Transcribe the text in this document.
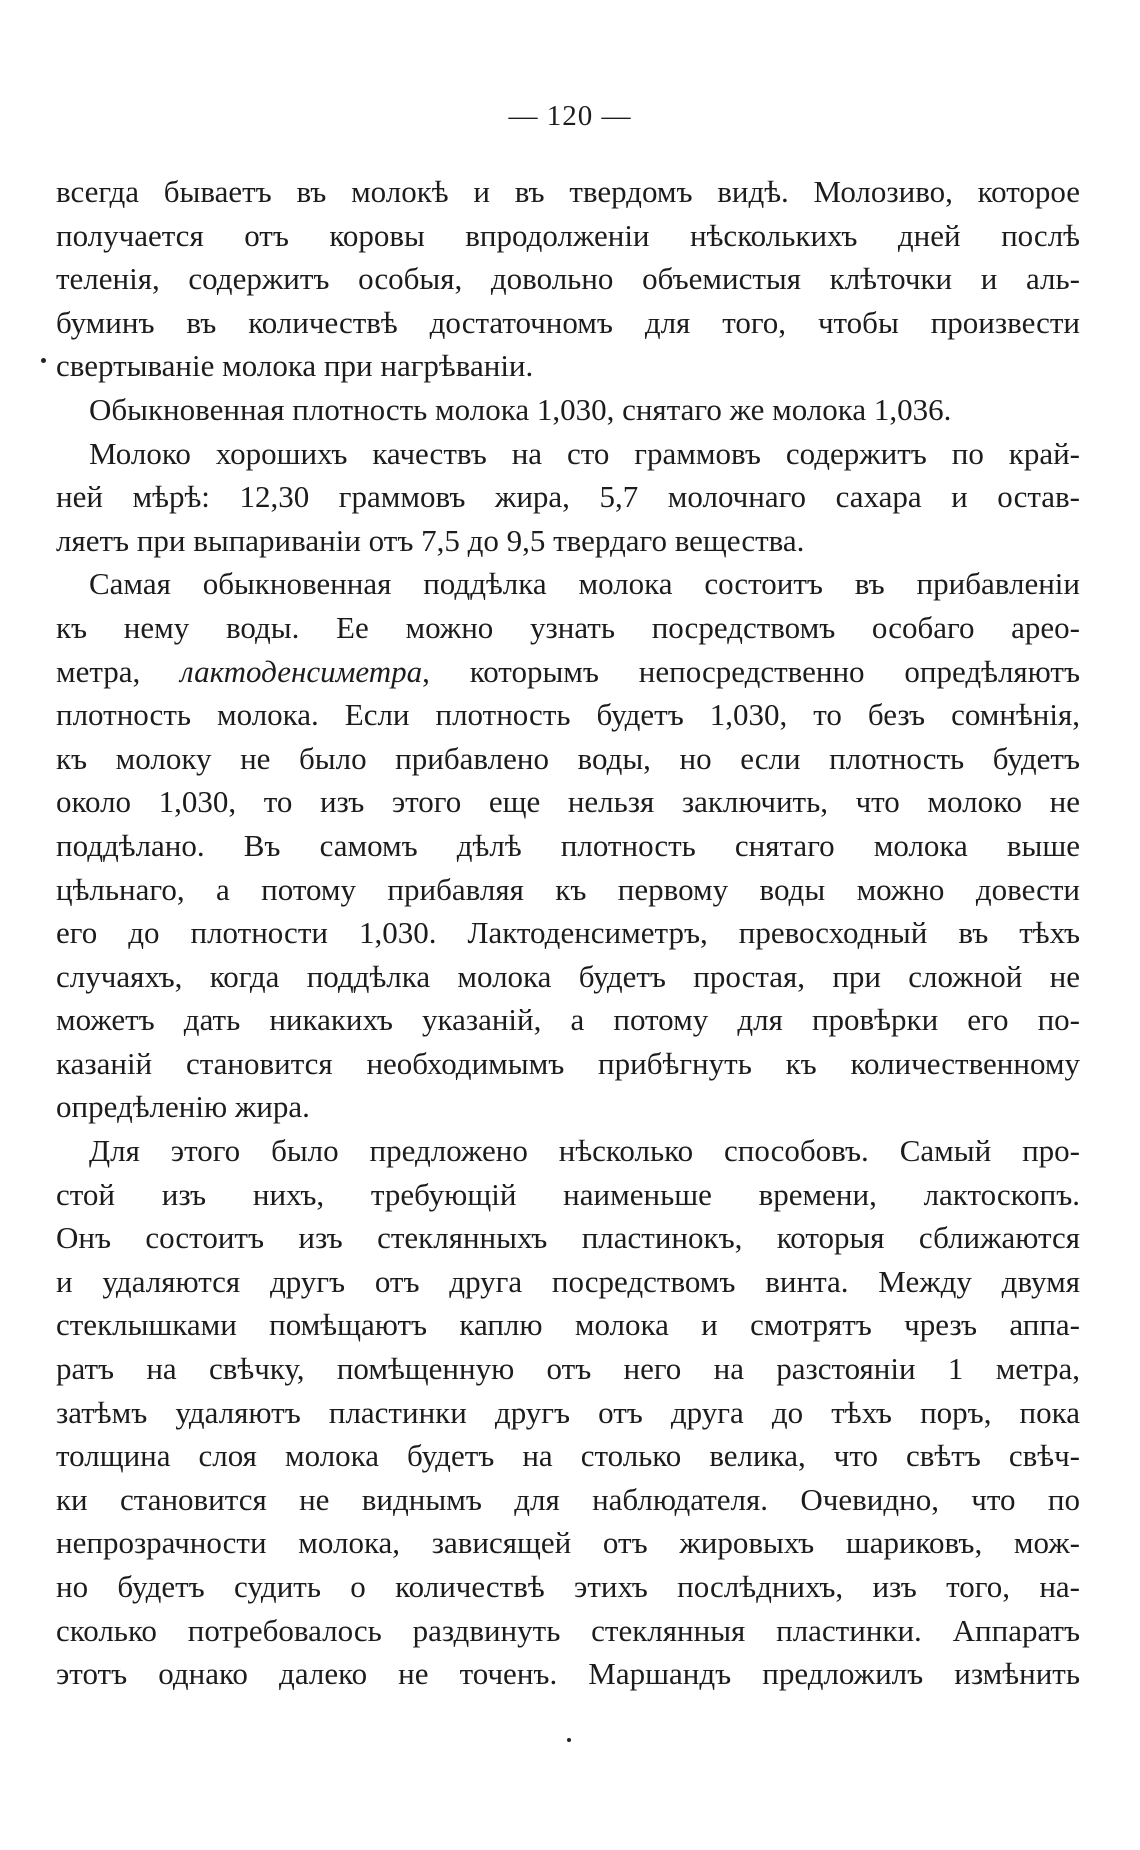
— 120 —
всегда бываетъ въ молокѣ и въ твердомъ видѣ. Молозиво, которое
получается отъ коровы впродолженіи нѣсколькихъ дней послѣ
теленія, содержитъ особыя, довольно объемистыя клѣточки и аль-
буминъ въ количествѣ достаточномъ для того, чтобы произвести
свертываніе молока при нагрѣваніи.
Обыкновенная плотность молока 1,030, снятаго же молока 1,036.
Молоко хорошихъ качествъ на сто граммовъ содержитъ по край-
ней мѣрѣ: 12,30 граммовъ жира, 5,7 молочнаго сахара и остав-
ляетъ при выпариваніи отъ 7,5 до 9,5 твердаго вещества.
Самая обыкновенная поддѣлка молока состоитъ въ прибавленіи
къ нему воды. Ее можно узнать посредствомъ особаго арео-
метра, лактоденсиметра, которымъ непосредственно опредѣляютъ
плотность молока. Если плотность будетъ 1,030, то безъ сомнѣнія,
къ молоку не было прибавлено воды, но если плотность будетъ
около 1,030, то изъ этого еще нельзя заключить, что молоко не
поддѣлано. Въ самомъ дѣлѣ плотность снятаго молока выше
цѣльнаго, а потому прибавляя къ первому воды можно довести
его до плотности 1,030. Лактоденсиметръ, превосходный въ тѣхъ
случаяхъ, когда поддѣлка молока будетъ простая, при сложной не
можетъ дать никакихъ указаній, а потому для провѣрки его по-
казаній становится необходимымъ прибѣгнуть къ количественному
опредѣленію жира.
Для этого было предложено нѣсколько способовъ. Самый про-
стой изъ нихъ, требующій наименьше времени, лактоскопъ.
Онъ состоитъ изъ стеклянныхъ пластинокъ, которыя сближаются
и удаляются другъ отъ друга посредствомъ винта. Между двумя
стеклышками помѣщаютъ каплю молока и смотрятъ чрезъ аппа-
ратъ на свѣчку, помѣщенную отъ него на разстояніи 1 метра,
затѣмъ удаляютъ пластинки другъ отъ друга до тѣхъ поръ, пока
толщина слоя молока будетъ на столько велика, что свѣтъ свѣч-
ки становится не виднымъ для наблюдателя. Очевидно, что по
непрозрачности молока, зависящей отъ жировыхъ шариковъ, мож-
но будетъ судить о количествѣ этихъ послѣднихъ, изъ того, на-
сколько потребовалось раздвинуть стеклянныя пластинки. Аппаратъ
этотъ однако далеко не точенъ. Маршандъ предложилъ измѣнить
